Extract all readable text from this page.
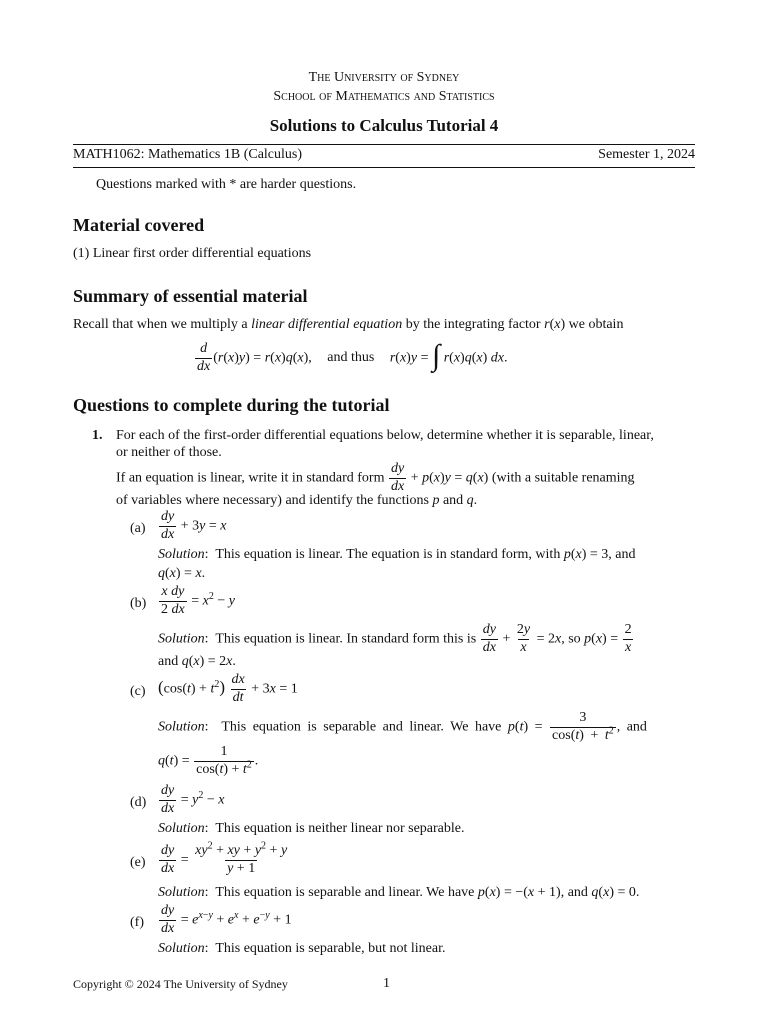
The University of Sydney
School of Mathematics and Statistics
Solutions to Calculus Tutorial 4
MATH1062: Mathematics 1B (Calculus)	Semester 1, 2024
Questions marked with * are harder questions.
Material covered
(1) Linear first order differential equations
Summary of essential material
Recall that when we multiply a linear differential equation by the integrating factor r(x) we obtain
$\frac{d}{dx} (r(x)y) = r(x)q(x)$, and thus r(x)y = ∫ r(x)q(x) dx.
Questions to complete during the tutorial
1. For each of the first-order differential equations below, determine whether it is separable, linear,
or neither of those.
If an equation is linear, write it in standard form $\frac{dy}{dx} + p(x)y = q(x)$ (with a suitable renaming
of variables where necessary) and identify the functions p and q.
$(a) \frac{dy}{dx} + 3y = x$
Solution:  This equation is linear. The equation is in standard form, with p(x) = 3, and
q(x) = x.
$(b) \frac{\text{x dy}}{2 dx} = x^2 - y$
Solution:  This equation is linear. In standard form this is $\frac{dy}{dx} + \frac{2y}{x} = 2x$, so $p(x) = \frac{2}{x}$
and q(x) = 2x.
(c) $(\cos(t) + t^2) \frac{dx}{dt} + 3x = 1$
Solution:  This equation is separable and linear. We have $p(t) = \frac{3}{\cos(t) + t^2}$ , and
$q(t) = \frac{1}{\cos(t) + t^2}$ .
$(d) \frac{dy}{dx} = y^2 - x$
Solution:  This equation is neither linear nor separable.
$(e) \frac{dy}{dx} = \frac{xy^2 + xy + y^2 + y}{y + 1}$
Solution:  This equation is separable and linear. We have p(x) = −(x + 1), and q(x) = 0.
$(f) \frac{dy}{dx} = e^{x-y} + e^x + e^{-y} + 1$
Solution:  This equation is separable, but not linear.
Copyright © 2024 The University of Sydney	1
